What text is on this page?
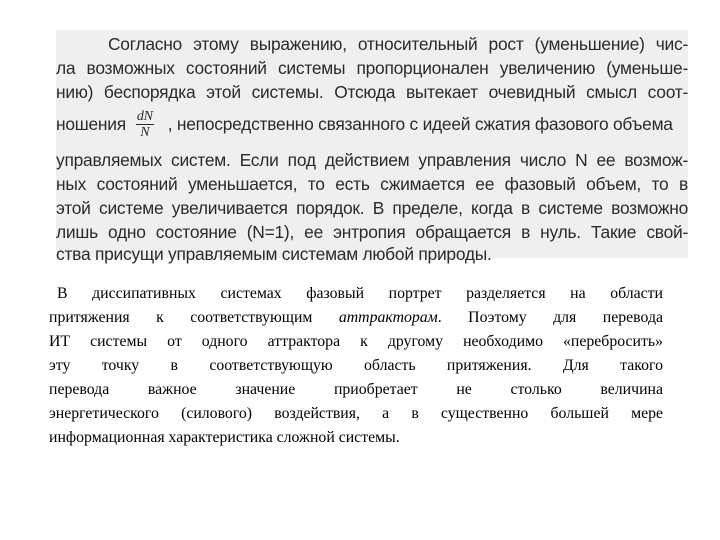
Согласно этому выражению, относительный рост (уменьшение) чис-
ла возможных состояний системы пропорционален увеличению (уменьше-
нию) беспорядка этой системы. Отсюда вытекает очевидный смысл соот-
ношения $\frac{dN}{N}$ , непосредственно связанного с идеей сжатия фазового объема
управляемых систем. Если под действием управления число N ее возмож-
ных состояний уменьшается, то есть сжимается ее фазовый объем, то в
этой системе увеличивается порядок. В пределе, когда в системе возможно
лишь одно состояние (N=1), ее энтропия обращается в нуль. Такие свой-
ства присущи управляемым системам любой природы.
В диссипативных системах фазовый портрет разделяется на области
притяжения к соответствующим аттракторам. Поэтому для перевода
ИТ системы от одного аттрактора к другому необходимо «перебросить»
эту точку в соответствующую область притяжения. Для такого
перевода важное значение приобретает не столько величина
энергетического (силового) воздействия, а в существенно большей мере
информационная характеристика сложной системы.
